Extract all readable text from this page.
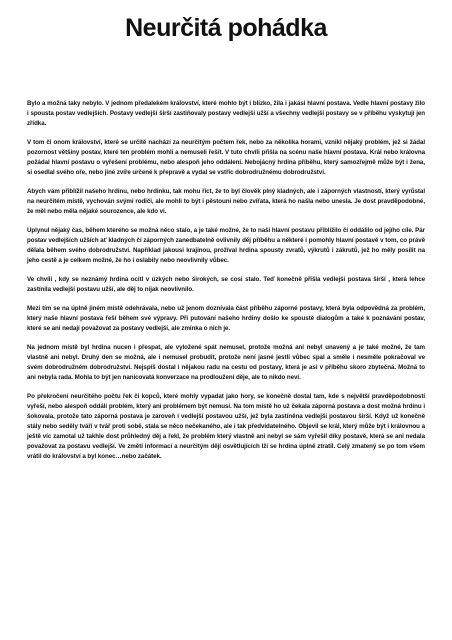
Neurčitá pohádka

Bylo a možná taky nebylo. V jednom předalekém království, které mohlo být i blízko, žila i jakási hlavní postava. Vedle hlavní postavy žilo i spousta postav vedlejších. Postavy vedlejší širší zastiňovaly postavy vedlejší užší a všechny vedlejší postavy se v příběhu vyskytují jen zřídka.

V tom či onom království, které se určitě nachází za neurčitým počtem řek, nebo za několika horami, vznikl nějaký problém, jež si žádal pozornost většiny postav, které ten problém mohli a nemuseli řešit. V tuto chvíli přišla na scénu naše hlavní postava. Král nebo královna požádal hlavní postavu o vyřešení problému, nebo alespoň jeho oddálení. Nebojácný hrdina příběhu, který samozřejmě může být i žena, si osedlal svého oře, nebo jiné zvíře určené k přepravě a vydal se vstříc dobrodružnému dobrodružství.

Abych vám přiblížil našeho hrdinu, nebo hrdinku, tak mohu říct, že to byl člověk plný kladných, ale i záporných vlastností, který vyrůstal na neurčitém místě, vychován svými rodiči, ale mohli to být i pěstouni nebo zvířata, která ho našla nebo unesla. Je dost pravděpodobné, že měl nebo měla nějaké sourozence, ale kdo ví.

Uplynul nějaký čas, během kterého se možná něco stalo, a je také možné, že to naší hlavní postavu přiblížilo či oddálilo od jejího cíle. Pár postav vedlejších užších ať kladných či záporných zanedbatelně ovlivnily děj příběhu a některé i pomohly hlavní postavě v tom, co právě dělala během svého dobrodružství. Například jakousi krajinou, prožíval hrdina spousty zvratů, výkrutů i zákrutů, jež ho měly posílit na jeho cestě a je celkem možné, že ho i oslabily nebo neovlivnily vůbec.

Ve chvíli , kdy se neznámý hrdina ocitl v úzkých nebo širokých, se cosi stalo. Teď konečně přišla vedlejší postava širší , která lehce zastínila vedlejší postavu užší, ale děj to nijak neovlivnilo.

Mezi tím se na úplně jiném místě odehrávala, nebo už jenom doznívala část příběhu záporné postavy, která byla odpovědná za problém, který naše hlavní postava řeší během své výpravy. Při putování našeho hrdiny došlo ke spoustě dialogům a také k poznávání postav, které se ani nedají považovat za postavy vedlejší, ale zmínka o nich je.

Na jednom místě byl hrdina nucen i přespat, ale vyložené spát nemusel, protože možná ani nebyl unavený a je také možné, že tam vlastně ani nebyl. Druhý den se možná, ale i nemusel probudit, protože není jasné jestli vůbec spal a směle i nesměle pokračoval ve svém dobrodružném dobrodružství. Nejspíš dostal i nějakou radu na cestu od postavy, která je asi v příběhu skoro zbytečná. Možná to ani nebyla rada. Mohla to být jen nanicovatá konverzace na prodloužení děje, ale to nikdo neví.

Po překročení neurčitého počtu řek či kopců, které mohly vypadat jako hory, se konečně dostal tam, kde s největší pravděpodobností vyřeší, nebo alespoň oddálí problém, který ani problémem být nemusí. Na tom místě ho už čekala záporná postava a dost možná hrdinu i šokovala, protože tato záporná postava je zároveň i vedlejší postavou užší, jež byla zastíněna vedlejší postavou širší. Když už konečně stály nebo seděly tváří v tvář proti sobě, stala se něco nečekaného, ale i tak předvídatelného. Objevil se král, který může být i královnou a ještě víc zamotal už takhle dost průhledný děj a řekl, že problém který vlastně ani nebyl se sám vyřešil díky postavě, která se ani nedala považovat za postavu vedlejší. Ve změtí informací a neurčitým dějí osvětlujících lží se hrdina úplně ztratil. Celý zmatený se po tom všem vrátil do království a byl konec…nebo začátek.
